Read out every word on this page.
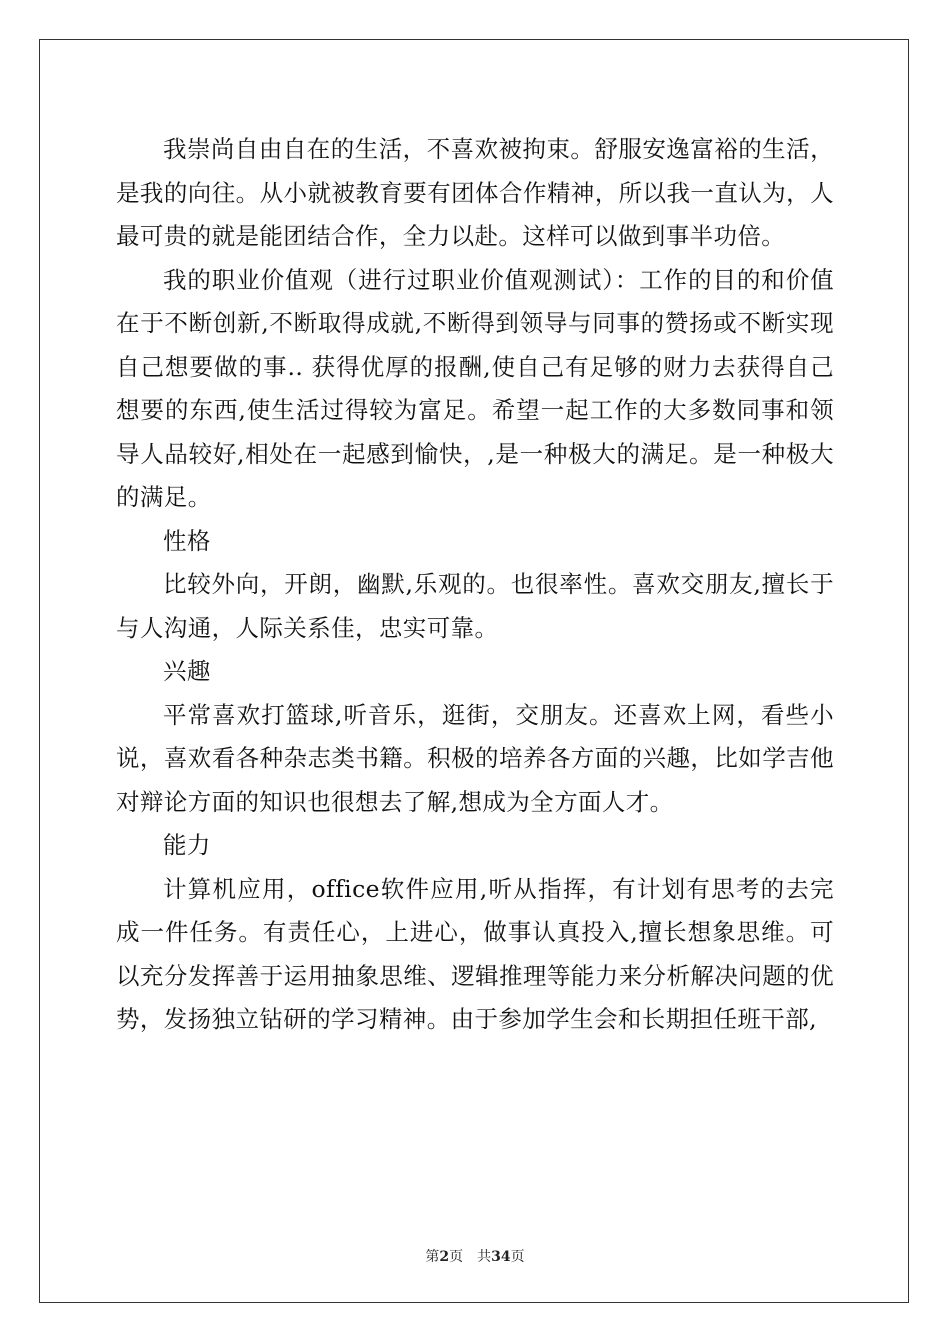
我崇尚自由自在的生活，不喜欢被拘束。舒服安逸富裕的生活，是我的向往。从小就被教育要有团体合作精神，所以我一直认为，人最可贵的就是能团结合作，全力以赴。这样可以做到事半功倍。

我的职业价值观（进行过职业价值观测试）：工作的目的和价值在于不断创新,不断取得成就,不断得到领导与同事的赞扬或不断实现自己想要做的事.. 获得优厚的报酬,使自己有足够的财力去获得自己想要的东西,使生活过得较为富足。希望一起工作的大多数同事和领导人品较好,相处在一起感到愉快，,是一种极大的满足。是一种极大的满足。

性格

比较外向，开朗，幽默,乐观的。也很率性。喜欢交朋友,擅长于与人沟通，人际关系佳，忠实可靠。

兴趣

平常喜欢打篮球,听音乐，逛街，交朋友。还喜欢上网，看些小说，喜欢看各种杂志类书籍。积极的培养各方面的兴趣，比如学吉他对辩论方面的知识也很想去了解,想成为全方面人才。

能力

计算机应用，office软件应用,听从指挥，有计划有思考的去完成一件任务。有责任心，上进心，做事认真投入,擅长想象思维。可以充分发挥善于运用抽象思维、逻辑推理等能力来分析解决问题的优势，发扬独立钻研的学习精神。由于参加学生会和长期担任班干部,

第2页 共34页
